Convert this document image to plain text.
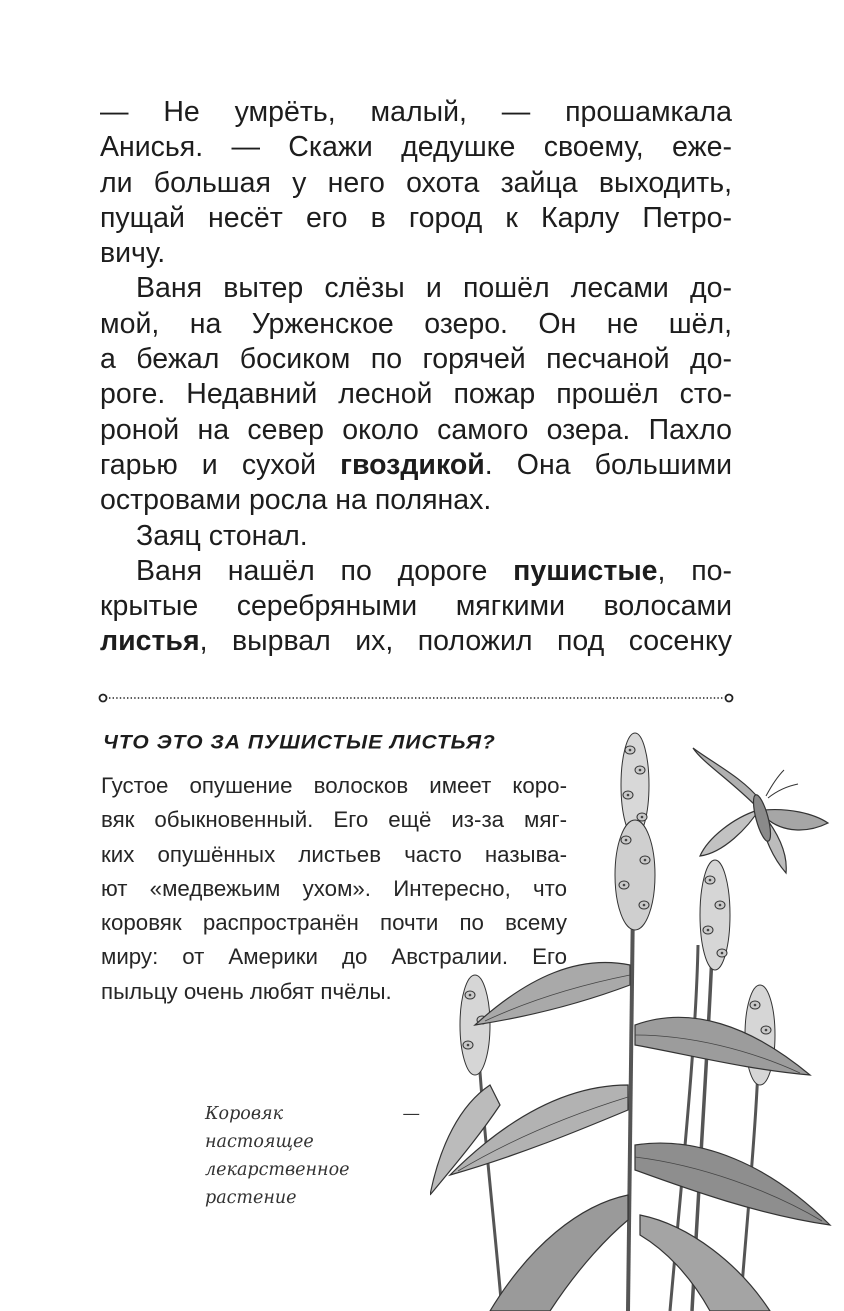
— Не умрёть, малый, — прошамкала

Анисья. — Скажи дедушке своему, еже-

ли большая у него охота зайца выходить,

пущай несёт его в город к Карлу Петро-

вичу.

Ваня вытер слёзы и пошёл лесами до-

мой, на Урженское озеро. Он не шёл,

а бежал босиком по горячей песчаной до-

роге. Недавний лесной пожар прошёл сто-

роной на север около самого озера. Пахло

гарью и сухой гвоздикой. Она большими

островами росла на полянах.

Заяц стонал.

Ваня нашёл по дороге пушистые, по-

крытые серебряными мягкими волосами

листья, вырвал их, положил под сосенку

ЧТО ЭТО ЗА ПУШИСТЫЕ ЛИСТЬЯ?

Густое опушение волосков имеет коро-

вяк обыкновенный. Его ещё из-за мяг-

ких опушённых листьев часто называ-

ют «медвежьим ухом». Интересно, что

коровяк распространён почти по всему

миру: от Америки до Австралии. Его

пыльцу очень любят пчёлы.

Коровяк — настоящее

лекарственное растение
